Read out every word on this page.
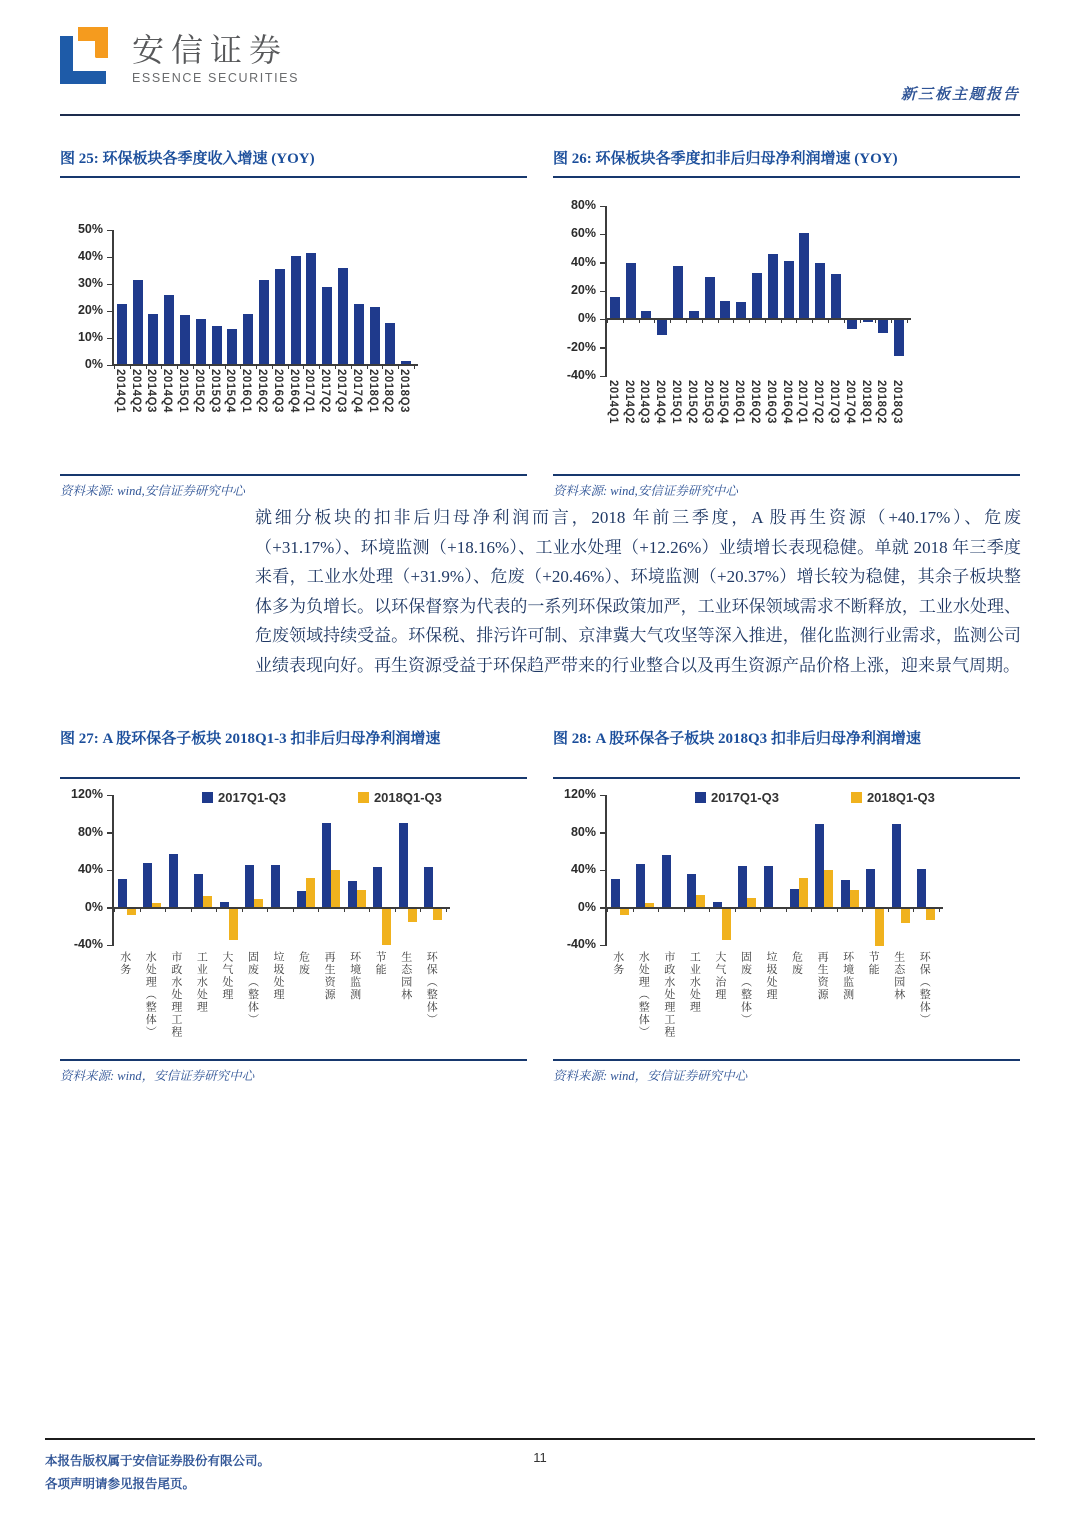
安信证券
ESSENCE SECURITIES
新三板主题报告
图 25: 环保板块各季度收入增速 (YOY)
0%
10%
20%
30%
40%
50%
2014Q1 2014Q2 2014Q3 2014Q4 2015Q1 2015Q2 2015Q3 2015Q4 2016Q1 2016Q2 2016Q3 2016Q4 2017Q1 2017Q2 2017Q3 2017Q4 2018Q1 2018Q2 2018Q3
资料来源: wind,安信证券研究中心
图 26: 环保板块各季度扣非后归母净利润增速 (YOY)
-40%
-20%
0%
20%
40%
60%
80%
2014Q1 2014Q2 2014Q3 2014Q4 2015Q1 2015Q2 2015Q3 2015Q4 2016Q1 2016Q2 2016Q3 2016Q4 2017Q1 2017Q2 2017Q3 2017Q4 2018Q1 2018Q2 2018Q3
资料来源: wind,安信证券研究中心
就细分板块的扣非后归母净利润而言，2018 年前三季度，A 股再生资源（+40.17%）、危废（+31.17%）、环境监测（+18.16%）、工业水处理（+12.26%）业绩增长表现稳健。单就 2018 年三季度来看，工业水处理（+31.9%）、危废（+20.46%）、环境监测（+20.37%）增长较为稳健，其余子板块整体多为负增长。以环保督察为代表的一系列环保政策加严，工业环保领域需求不断释放，工业水处理、危废领域持续受益。环保税、排污许可制、京津冀大气攻坚等深入推进，催化监测行业需求，监测公司业绩表现向好。再生资源受益于环保趋严带来的行业整合以及再生资源产品价格上涨，迎来景气周期。
图 27: A 股环保各子板块 2018Q1-3 扣非后归母净利润增速
2017Q1-Q3	2018Q1-Q3
-40%
0%
40%
80%
120%
水务 水处理（整体） 市政水处理工程 工业水处理 大气处理 固废（整体） 垃圾处理 危废 再生资源 环境监测 节能 生态园林 环保（整体）
资料来源: wind，安信证券研究中心
图 28: A 股环保各子板块 2018Q3 扣非后归母净利润增速
2017Q1-Q3	2018Q1-Q3
-40%
0%
40%
80%
120%
水务 水处理（整体） 市政水处理工程 工业水处理 大气治理 固废（整体） 垃圾处理 危废 再生资源 环境监测 节能 生态园林 环保（整体）
资料来源: wind，安信证券研究中心
本报告版权属于安信证券股份有限公司。
各项声明请参见报告尾页。
11
